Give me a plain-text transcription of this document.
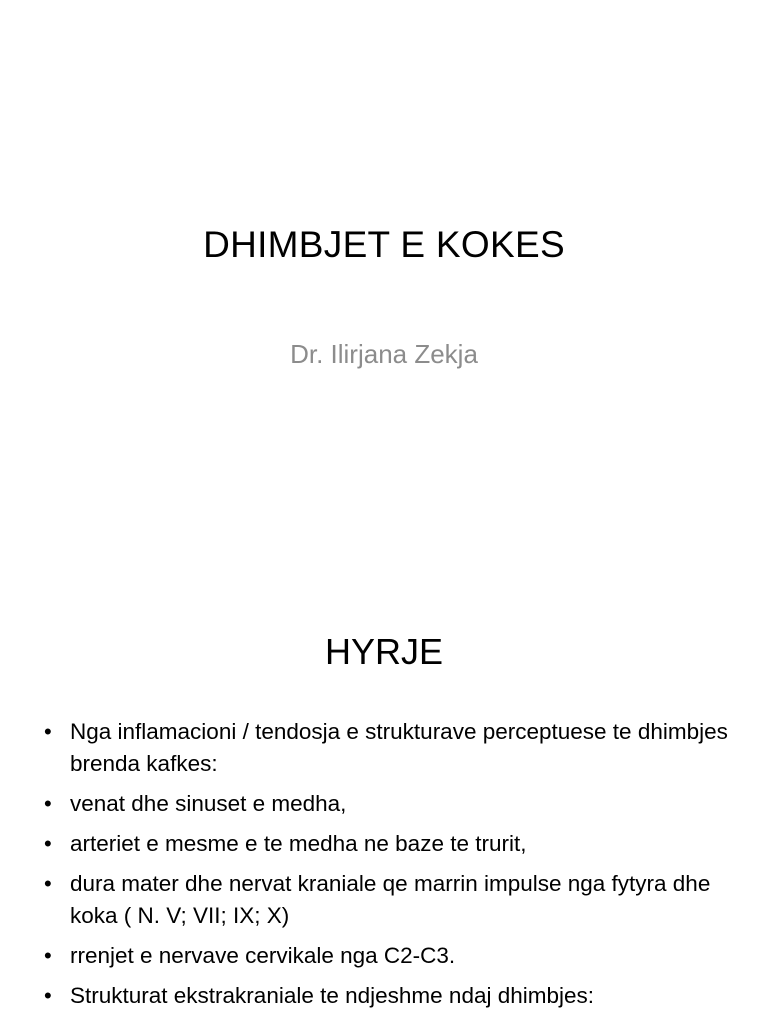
DHIMBJET E KOKES
Dr. Ilirjana Zekja
HYRJE
• Nga inflamacioni / tendosja e strukturave perceptuese te dhimbjes brenda kafkes:
• venat dhe sinuset e medha,
• arteriet e mesme e te medha ne baze te trurit,
• dura mater dhe nervat kraniale qe marrin impulse nga fytyra dhe koka ( N. V; VII; IX; X)
• rrenjet e nervave cervikale nga C2-C3.
• Strukturat ekstrakraniale te ndjeshme ndaj dhimbjes:
